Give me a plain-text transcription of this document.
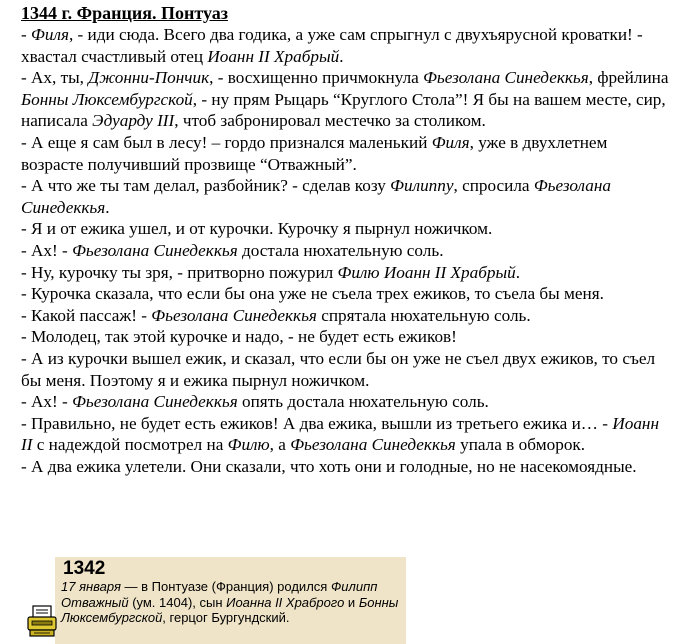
1344 г. Франция. Понтуаз
- Филя, - иди сюда. Всего два годика, а уже сам спрыгнул с двухъярусной кроватки! - хвастал счастливый отец Иоанн II Храбрый.
- Ах, ты, Джонни-Пончик, - восхищенно причмокнула Фьезолана Синедеккья, фрейлина Бонны Люксембургской, - ну прям Рыцарь “Круглого Стола”! Я бы на вашем месте, сир, написала Эдуарду III, чтоб забронировал местечко за столиком.
- А еще я сам был в лесу! – гордо признался маленький Филя, уже в двухлетнем возрасте получивший прозвище “Отважный”.
- А что же ты там делал, разбойник? - сделав козу Филиппу, спросила Фьезолана Синедеккья.
- Я и от ежика ушел, и от курочки. Курочку я пырнул ножичком.
- Ах! - Фьезолана Синедеккья достала нюхательную соль.
- Ну, курочку ты зря, - притворно пожурил Филю Иоанн II Храбрый.
- Курочка сказала, что если бы она уже не съела трех ежиков, то съела бы меня.
- Какой пассаж! - Фьезолана Синедеккья спрятала нюхательную соль.
- Молодец, так этой курочке и надо, - не будет есть ежиков!
- А из курочки вышел ежик, и сказал, что если бы он уже не съел двух ежиков, то съел бы меня. Поэтому я и ежика пырнул ножичком.
- Ах! - Фьезолана Синедеккья опять достала нюхательную соль.
- Правильно, не будет есть ежиков! А два ежика, вышли из третьего ежика и… - Иоанн II с надеждой посмотрел на Филю, а Фьезолана Синедеккья упала в обморок.
- А два ежика улетели. Они сказали, что хоть они и голодные, но не насекомоядные.
1342
17 января — в Понтуазе (Франция) родился Филипп Отважный (ум. 1404), сын Иоанна II Храброго и Бонны Люксембургской, герцог Бургундский.
